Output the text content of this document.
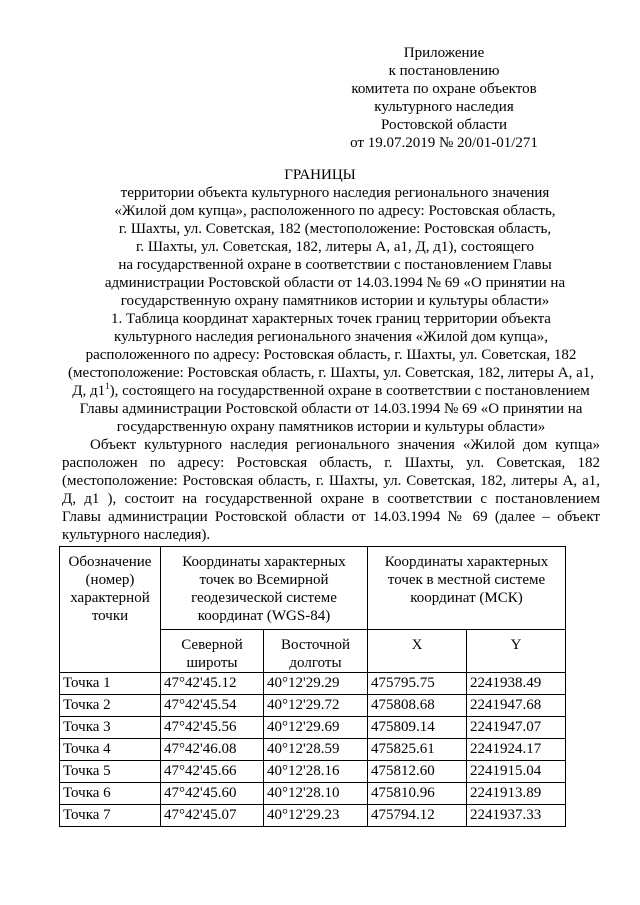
Приложение
к постановлению
комитета по охране объектов
культурного наследия
Ростовской области
от 19.07.2019 № 20/01-01/271
ГРАНИЦЫ
территории объекта культурного наследия регионального значения
«Жилой дом купца», расположенного по адресу: Ростовская область,
г. Шахты, ул. Советская, 182 (местоположение: Ростовская область,
г. Шахты, ул. Советская, 182, литеры А, а1, Д, д1), состоящего
на государственной охране в соответствии с постановлением Главы
администрации Ростовской области от 14.03.1994 № 69 «О принятии на
государственную охрану памятников истории и культуры области»
1. Таблица координат характерных точек границ территории объекта
культурного наследия регионального значения «Жилой дом купца»,
расположенного по адресу: Ростовская область, г. Шахты, ул. Советская, 182
(местоположение: Ростовская область, г. Шахты, ул. Советская, 182, литеры А, а1,
Д, $д1^1$), состоящего на государственной охране в соответствии с постановлением
Главы администрации Ростовской области от 14.03.1994 № 69 «О принятии на
государственную охрану памятников истории и культуры области»
Объект культурного наследия регионального значения «Жилой дом купца»
расположен по адресу: Ростовская область, г. Шахты, ул. Советская, 182
(местоположение: Ростовская область, г. Шахты, ул. Советская, 182, литеры А, а1,
Д, д1 ), состоит на государственной охране в соответствии с постановлением
Главы администрации Ростовской области от 14.03.1994 № 69 (далее – объект
культурного наследия).
Обозначение (номер) характерной точки	Координаты характерных точек во Всемирной геодезической системе координат (WGS-84)		Координаты характерных точек в местной системе координат (МСК)	
	Северной широты	Восточной долготы	X	Y
Точка 1	47°42'45.12	40°12'29.29	475795.75	2241938.49
Точка 2	47°42'45.54	40°12'29.72	475808.68	2241947.68
Точка 3	47°42'45.56	40°12'29.69	475809.14	2241947.07
Точка 4	47°42'46.08	40°12'28.59	475825.61	2241924.17
Точка 5	47°42'45.66	40°12'28.16	475812.60	2241915.04
Точка 6	47°42'45.60	40°12'28.10	475810.96	2241913.89
Точка 7	47°42'45.07	40°12'29.23	475794.12	2241937.33
